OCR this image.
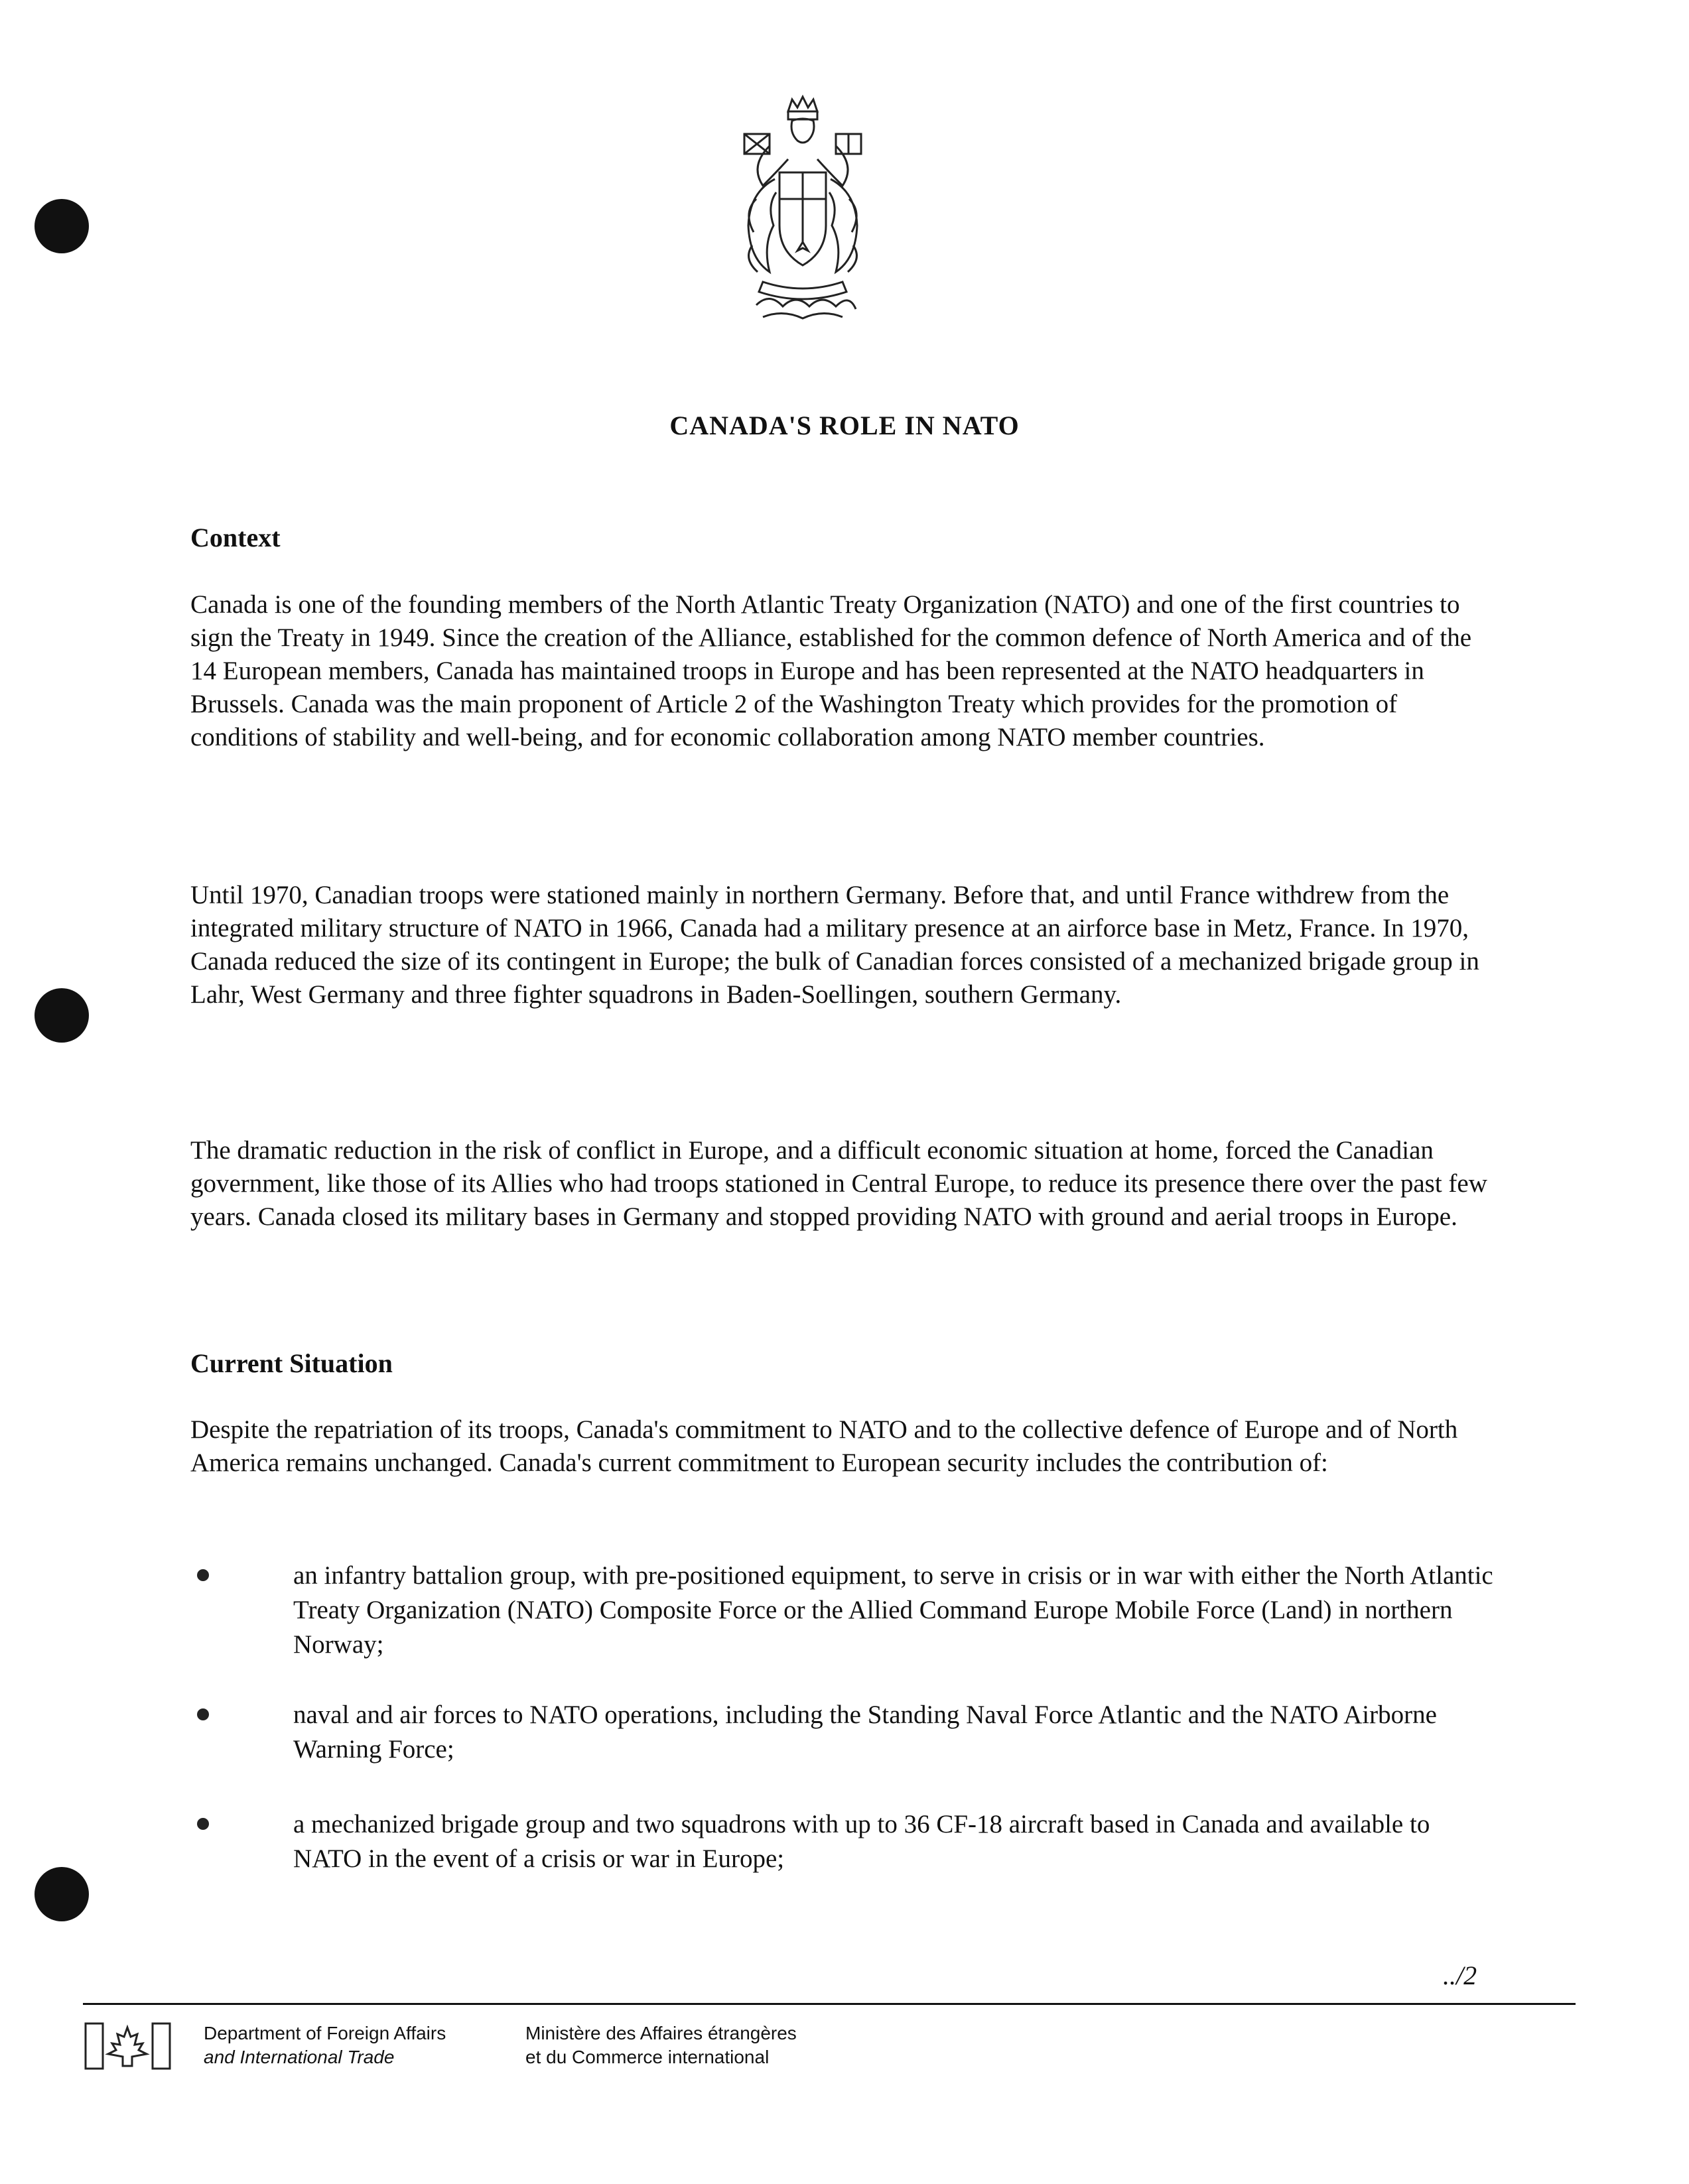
CANADA'S ROLE IN NATO
Context

Canada is one of the founding members of the North Atlantic Treaty Organization (NATO) and one of the first countries to sign the Treaty in 1949. Since the creation of the Alliance, established for the common defence of North America and of the 14 European members, Canada has maintained troops in Europe and has been represented at the NATO headquarters in Brussels. Canada was the main proponent of Article 2 of the Washington Treaty which provides for the promotion of conditions of stability and well-being, and for economic collaboration among NATO member countries.

Until 1970, Canadian troops were stationed mainly in northern Germany. Before that, and until France withdrew from the integrated military structure of NATO in 1966, Canada had a military presence at an airforce base in Metz, France. In 1970, Canada reduced the size of its contingent in Europe; the bulk of Canadian forces consisted of a mechanized brigade group in Lahr, West Germany and three fighter squadrons in Baden-Soellingen, southern Germany.

The dramatic reduction in the risk of conflict in Europe, and a difficult economic situation at home, forced the Canadian government, like those of its Allies who had troops stationed in Central Europe, to reduce its presence there over the past few years. Canada closed its military bases in Germany and stopped providing NATO with ground and aerial troops in Europe.

Current Situation

Despite the repatriation of its troops, Canada's commitment to NATO and to the collective defence of Europe and of North America remains unchanged. Canada's current commitment to European security includes the contribution of:

an infantry battalion group, with pre-positioned equipment, to serve in crisis or in war with either the North Atlantic Treaty Organization (NATO) Composite Force or the Allied Command Europe Mobile Force (Land) in northern Norway;
naval and air forces to NATO operations, including the Standing Naval Force Atlantic and the NATO Airborne Warning Force;
a mechanized brigade group and two squadrons with up to 36 CF-18 aircraft based in Canada and available to NATO in the event of a crisis or war in Europe;
../2
Department of Foreign Affairs
and International Trade
Ministère des Affaires étrangères
et du Commerce international
